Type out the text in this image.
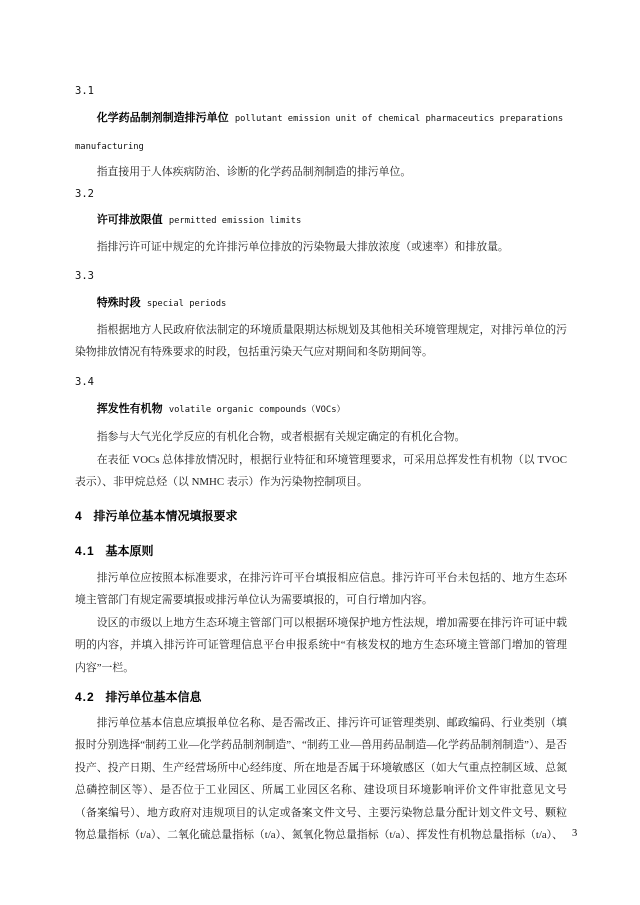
3.1

化学药品制剂制造排污单位 pollutant emission unit of chemical pharmaceutics preparations manufacturing

指直接用于人体疾病防治、诊断的化学药品制剂制造的排污单位。

3.2

许可排放限值 permitted emission limits

指排污许可证中规定的允许排污单位排放的污染物最大排放浓度（或速率）和排放量。

3.3

特殊时段 special periods

指根据地方人民政府依法制定的环境质量限期达标规划及其他相关环境管理规定，对排污单位的污染物排放情况有特殊要求的时段，包括重污染天气应对期间和冬防期间等。

3.4

挥发性有机物 volatile organic compounds（VOCs）

指参与大气光化学反应的有机化合物，或者根据有关规定确定的有机化合物。

在表征 VOCs 总体排放情况时，根据行业特征和环境管理要求，可采用总挥发性有机物（以 TVOC 表示）、非甲烷总烃（以 NMHC 表示）作为污染物控制项目。

4 排污单位基本情况填报要求

4.1 基本原则

排污单位应按照本标准要求，在排污许可平台填报相应信息。排污许可平台未包括的、地方生态环境主管部门有规定需要填报或排污单位认为需要填报的，可自行增加内容。

设区的市级以上地方生态环境主管部门可以根据环境保护地方性法规，增加需要在排污许可证中载明的内容，并填入排污许可证管理信息平台申报系统中“有核发权的地方生态环境主管部门增加的管理内容”一栏。

4.2 排污单位基本信息

排污单位基本信息应填报单位名称、是否需改正、排污许可证管理类别、邮政编码、行业类别（填报时分别选择“制药工业—化学药品制剂制造”、“制药工业—兽用药品制造—化学药品制剂制造”）、是否投产、投产日期、生产经营场所中心经纬度、所在地是否属于环境敏感区（如大气重点控制区域、总氮总磷控制区等）、是否位于工业园区、所属工业园区名称、建设项目环境影响评价文件审批意见文号（备案编号）、地方政府对违规项目的认定或备案文件文号、主要污染物总量分配计划文件文号、颗粒物总量指标（t/a）、二氧化硫总量指标（t/a）、氮氧化物总量指标（t/a）、挥发性有机物总量指标（t/a）、 3
